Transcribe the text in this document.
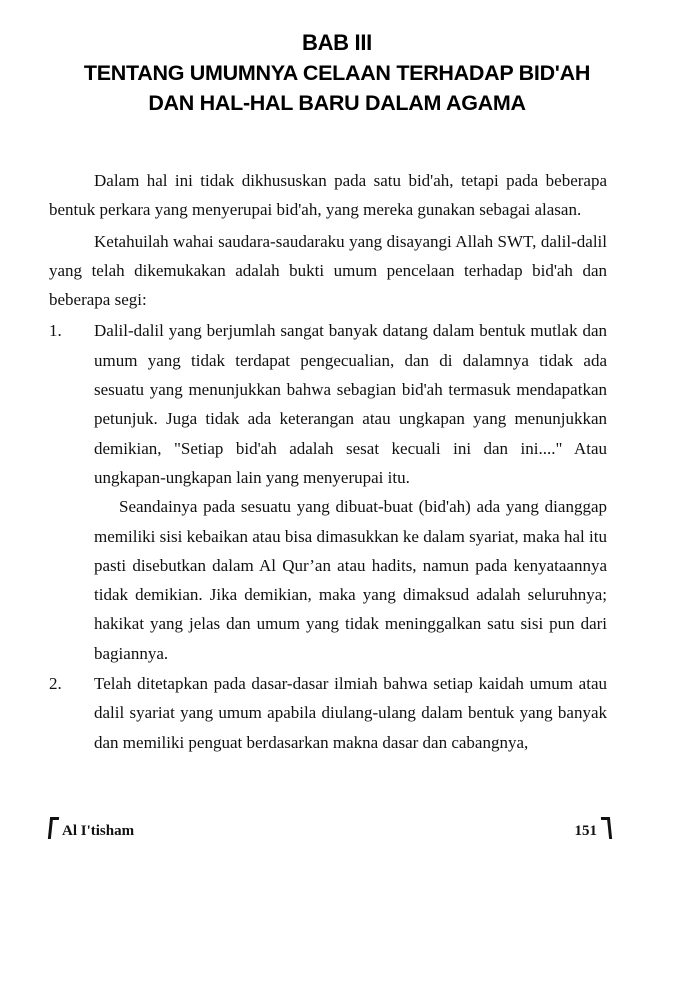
BAB III
TENTANG UMUMNYA CELAAN TERHADAP BID'AH
DAN HAL-HAL BARU DALAM AGAMA

Dalam hal ini tidak dikhususkan pada satu bid'ah, tetapi pada beberapa bentuk perkara yang menyerupai bid'ah, yang mereka gunakan sebagai alasan.

Ketahuilah wahai saudara-saudaraku yang disayangi Allah SWT, dalil-dalil yang telah dikemukakan adalah bukti umum pencelaan terhadap bid'ah dan beberapa segi:

1. Dalil-dalil yang berjumlah sangat banyak datang dalam bentuk mutlak dan umum yang tidak terdapat pengecualian, dan di dalamnya tidak ada sesuatu yang menunjukkan bahwa sebagian bid'ah termasuk mendapatkan petunjuk. Juga tidak ada keterangan atau ungkapan yang menunjukkan demikian, "Setiap bid'ah adalah sesat kecuali ini dan ini...." Atau ungkapan-ungkapan lain yang menyerupai itu.

Seandainya pada sesuatu yang dibuat-buat (bid'ah) ada yang dianggap memiliki sisi kebaikan atau bisa dimasukkan ke dalam syariat, maka hal itu pasti disebutkan dalam Al Qur’an atau hadits, namun pada kenyataannya tidak demikian. Jika demikian, maka yang dimaksud adalah seluruhnya; hakikat yang jelas dan umum yang tidak meninggalkan satu sisi pun dari bagiannya.

2. Telah ditetapkan pada dasar-dasar ilmiah bahwa setiap kaidah umum atau dalil syariat yang umum apabila diulang-ulang dalam bentuk yang banyak dan memiliki penguat berdasarkan makna dasar dan cabangnya,

Al I'tisham	151
